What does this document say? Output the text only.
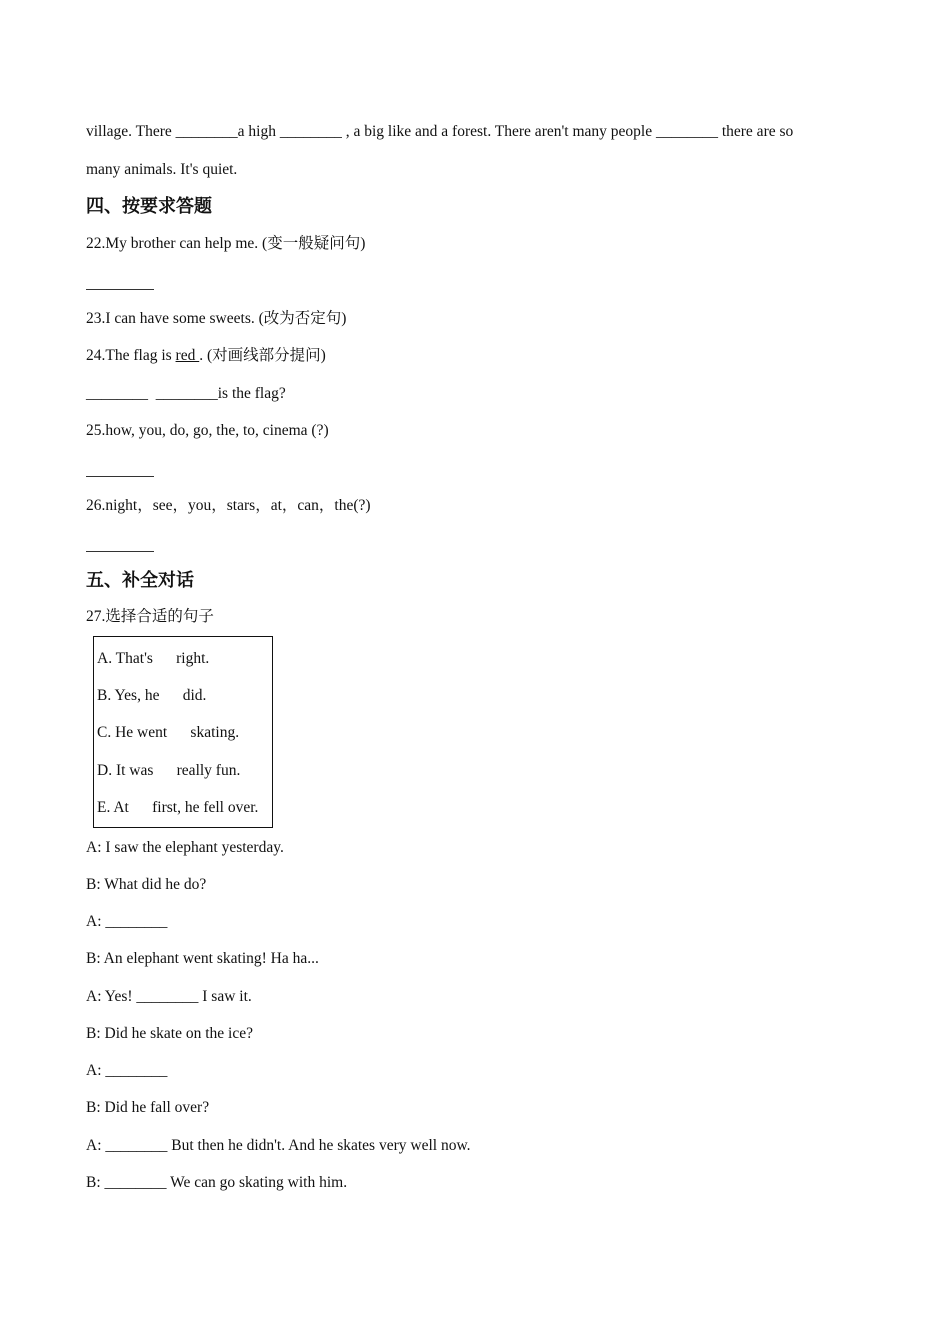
village. There ________a high ________ , a big like and a forest. There aren't many people ________ there are so
many animals. It's quiet.
四、按要求答题
22.My brother can help me. (变一般疑问句)
23.I can have some sweets. (改为否定句)
24.The flag is red . (对画线部分提问)
________  ________is the flag?
25.how, you, do, go, the, to, cinema (?)
26.night，see，you，stars，at，can，the(?)
五、补全对话
27.选择合适的句子
A. That's      right.
B. Yes, he      did.
C. He went      skating.
D. It was      really fun.
E. At      first, he fell over.
A: I saw the elephant yesterday.
B: What did he do?
A: ________
B: An elephant went skating! Ha ha...
A: Yes! ________ I saw it.
B: Did he skate on the ice?
A: ________
B: Did he fall over?
A: ________ But then he didn't. And he skates very well now.
B: ________ We can go skating with him.
